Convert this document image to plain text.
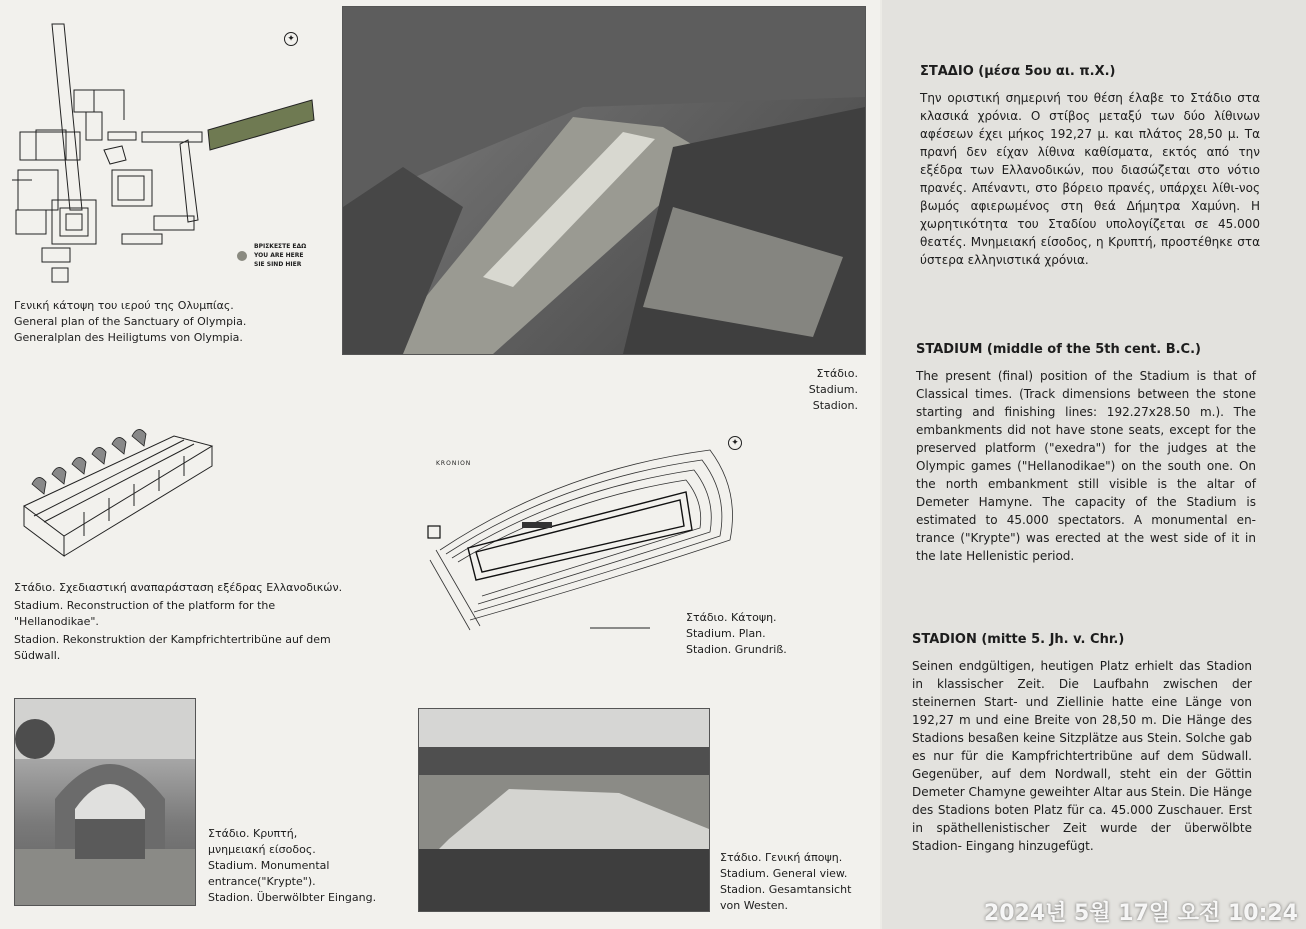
✦
ΒΡΙΣΚΕΣΤΕ ΕΔΩ
YOU ARE HERE
SIE SIND HIER
Γενική κάτοψη του ιερού της Ολυμπίας.
General plan of the Sanctuary of Olympia.
Generalplan des Heiligtums von Olympia.
Στάδιο.
Stadium.
Stadion.
Στάδιο. Σχεδιαστική αναπαράσταση εξέδρας Ελλανοδικών.
Stadium. Reconstruction of the platform for the
"Hellanodikae".
Stadion. Rekonstruktion der Kampfrichtertribüne auf dem
Südwall.
KRONION
✦
Στάδιο. Κάτοψη.
Stadium. Plan.
Stadion. Grundriß.
Στάδιο. Κρυπτή,
μνημειακή είσοδος.
Stadium. Monumental
entrance("Krypte").
Stadion. Überwölbter Eingang.
Στάδιο. Γενική άποψη.
Stadium. General view.
Stadion. Gesamtansicht
von Westen.
ΣΤΑΔΙΟ (μέσα 5ου αι. π.Χ.)
Την οριστική σημερινή του θέση έλαβε το Στάδιο στα κλασικά χρόνια. Ο στίβος μεταξύ των δύο λίθινων αφέσεων έχει μήκος 192,27 μ. και πλάτος 28,50 μ. Τα πρανή δεν είχαν λίθινα καθίσματα, εκτός από την εξέδρα των Ελλανοδικών, που διασώζεται στο νότιο πρανές. Απέναντι, στο βόρειο πρανές, υπάρχει λίθι-νος βωμός αφιερωμένος στη θεά Δήμητρα Χαμύνη. Η χωρητικότητα του Σταδίου υπολογίζεται σε 45.000 θεατές. Μνημειακή είσοδος, η Κρυπτή, προστέθηκε στα ύστερα ελληνιστικά χρόνια.
STADIUM (middle of the 5th cent. B.C.)
The present (final) position of the Stadium is that of Classical times. (Track dimensions between the stone starting and finishing lines: 192.27x28.50 m.). The embankments did not have stone seats, except for the preserved platform ("exedra") for the judges at the Olympic games ("Hellanodikae") on the south one. On the north embankment still visible is the altar of Demeter Hamyne. The capacity of the Stadium is estimated to 45.000 spectators. A monumental en-trance ("Krypte") was erected at the west side of it in the late Hellenistic period.
STADION (mitte 5. Jh. v. Chr.)
Seinen endgültigen, heutigen Platz erhielt das Stadion in klassischer Zeit. Die Laufbahn zwischen der steinernen Start- und Ziellinie hatte eine Länge von 192,27 m und eine Breite von 28,50 m. Die Hänge des Stadions besaßen keine Sitzplätze aus Stein. Solche gab es nur für die Kampfrichtertribüne auf dem Südwall. Gegenüber, auf dem Nordwall, steht ein der Göttin Demeter Chamyne geweihter Altar aus Stein. Die Hänge des Stadions boten Platz für ca. 45.000 Zuschauer. Erst in späthellenistischer Zeit wurde der überwölbte Stadion- Eingang hinzugefügt.
2024년 5월 17일 오전 10:24
